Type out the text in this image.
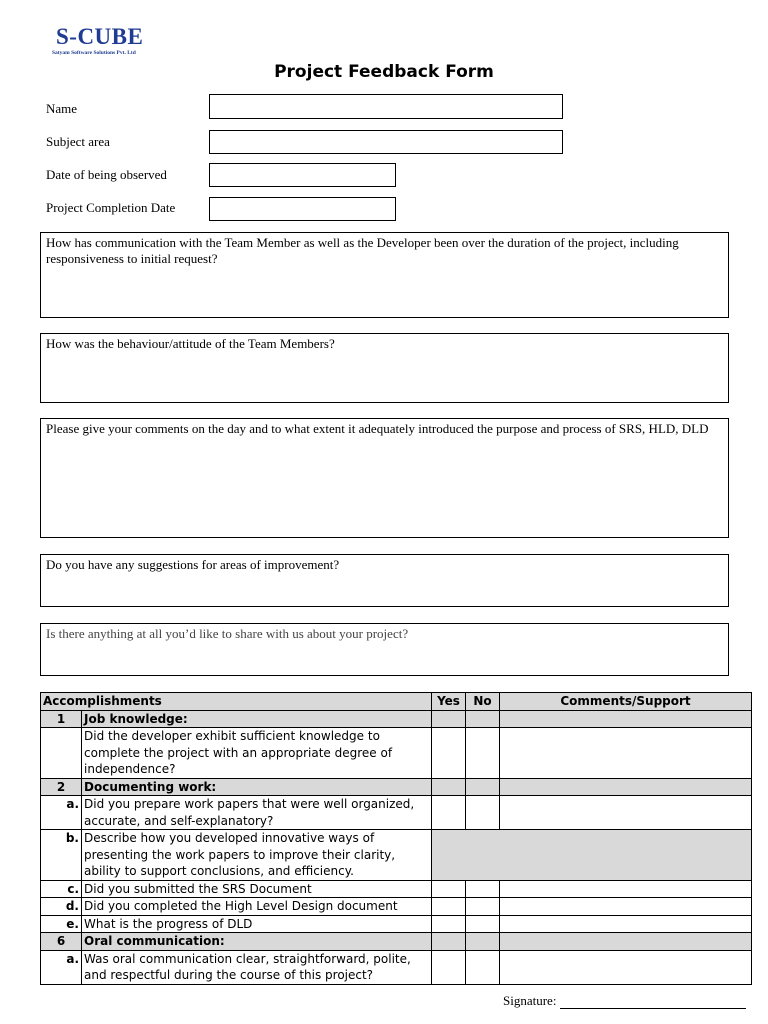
S-CUBE
Satyam Software Solutions Pvt. Ltd
Project Feedback Form
Name
Subject area
Date of being observed
Project Completion Date
How has communication with the Team Member as well as the Developer been over the duration of the project, including responsiveness to initial request?
How was the behaviour/attitude of the Team Members?
Please give your comments on the day and to what extent it adequately introduced the purpose and process of SRS, HLD, DLD
Do you have any suggestions for areas of improvement?
Is there anything at all you’d like to share with us about your project?
Accomplishments		Yes	No	Comments/Support
1	Job knowledge:			
	Did the developer exhibit sufficient knowledge to complete the project with an appropriate degree of independence?			
2	Documenting work:			
a.	Did you prepare work papers that were well organized, accurate, and self-explanatory?			
b.	Describe how you developed innovative ways of presenting the work papers to improve their clarity, ability to support conclusions, and efficiency.			
c.	Did you submitted the SRS Document			
d.	Did you completed the High Level Design document			
e.	What is the progress of DLD			
6	Oral communication:			
a.	Was oral communication clear, straightforward, polite, and respectful during the course of this project?			
Signature:
